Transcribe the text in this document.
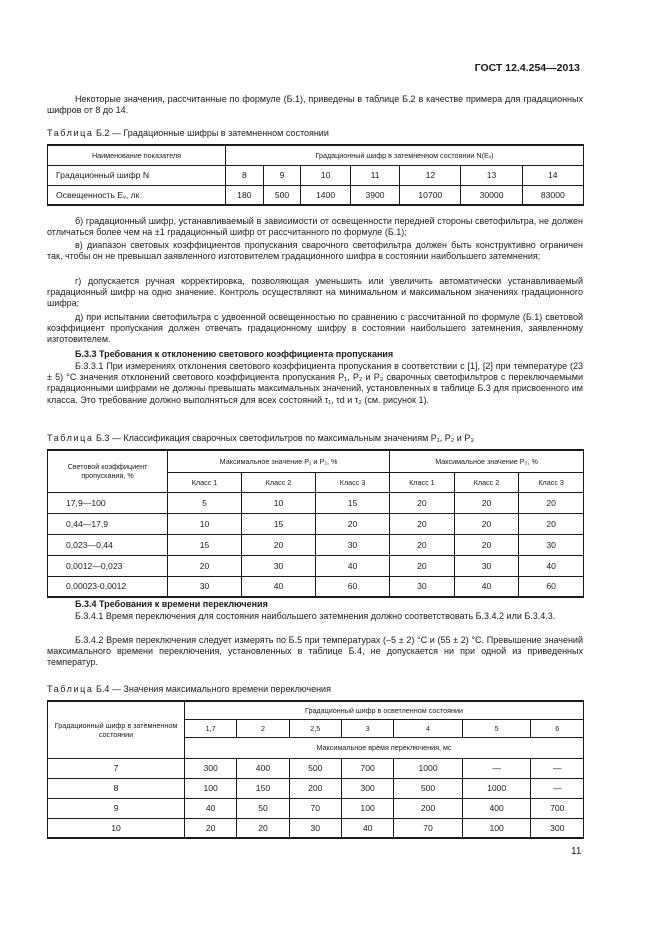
ГОСТ 12.4.254—2013
Некоторые значения, рассчитанные по формуле (Б.1), приведены в таблице Б.2 в качестве примера для градационных шифров от 8 до 14.
Таблица Б.2 — Градационные шифры в затемненном состоянии
Наименование показателя	Градационный шифр в затемненном состоянии N(Eᵥ)						
Градационный шифр N	8	9	10	11	12	13	14
Освещенность Eᵥ, лк	180	500	1400	3900	10700	30000	83000
б) градационный шифр, устанавливаемый в зависимости от освещенности передней стороны светофильтра, не должен отличаться более чем на ±1 градационный шифр от рассчитанного по формуле (Б.1);
в) диапазон световых коэффициентов пропускания сварочного светофильтра должен быть конструктивно ограничен так, чтобы он не превышал заявленного изготовителем градационного шифра в состоянии наибольшего затемнения;
г) допускается ручная корректировка, позволяющая уменьшить или увеличить автоматически устанавливаемый градационный шифр на одно значение. Контроль осуществляют на минимальном и максимальном значениях градационного шифра;
д) при испытании светофильтра с удвоенной освещенностью по сравнению с рассчитанной по формуле (Б.1) световой коэффициент пропускания должен отвечать градационному шифру в состоянии наибольшего затемнения, заявленному изготовителем.
Б.3.3 Требования к отклонению светового коэффициента пропускания
Б.3.3.1 При измерениях отклонения светового коэффициента пропускания в соответствии с [1], [2] при температуре (23 ± 5) °С значения отклонений светового коэффициента пропускания P₁, P₂ и P₃ сварочных светофильтров с переключаемыми градационными шифрами не должны превышать максимальных значений, установленных в таблице Б.3 для присвоенного им класса. Это требование должно выполняться для всех состояний τ₁, τd и τ₂ (см. рисунок 1).
Таблица Б.3 — Классификация сварочных светофильтров по максимальным значениям P₁, P₂ и P₃
Световой коэффициент пропускания, %	Максимальное значение P₁ и P₂, %			Максимальное значение P₃, %		
	Класс 1	Класс 2	Класс 3	Класс 1	Класс 2	Класс 3
17,9—100	5	10	15	20	20	20
0,44—17,9	10	15	20	20	20	20
0,023—0,44	15	20	30	20	20	30
0,0012—0,023	20	30	40	20	30	40
0,00023-0,0012	30	40	60	30	40	60
Б.3.4 Требования к времени переключения
Б.3.4.1 Время переключения для состояния наибольшего затемнения должно соответствовать Б.3.4.2 или Б.3.4.3.
Б.3.4.2 Время переключения следует измерять по Б.5 при температурах (–5 ± 2) °С и (55 ± 2) °С. Превышение значений максимального времени переключения, установленных в таблице Б.4, не допускается ни при одной из приведенных температур.
Таблица Б.4 — Значения максимального времени переключения
Градационный шифр в затемненном состоянии	Градационный шифр в осветленном состоянии						
	1,7	2	2,5	3	4	5	6
	Максимальное время переключения, мс						
7	300	400	500	700	1000	—	—
8	100	150	200	300	500	1000	—
9	40	50	70	100	200	400	700
10	20	20	30	40	70	100	300
11
